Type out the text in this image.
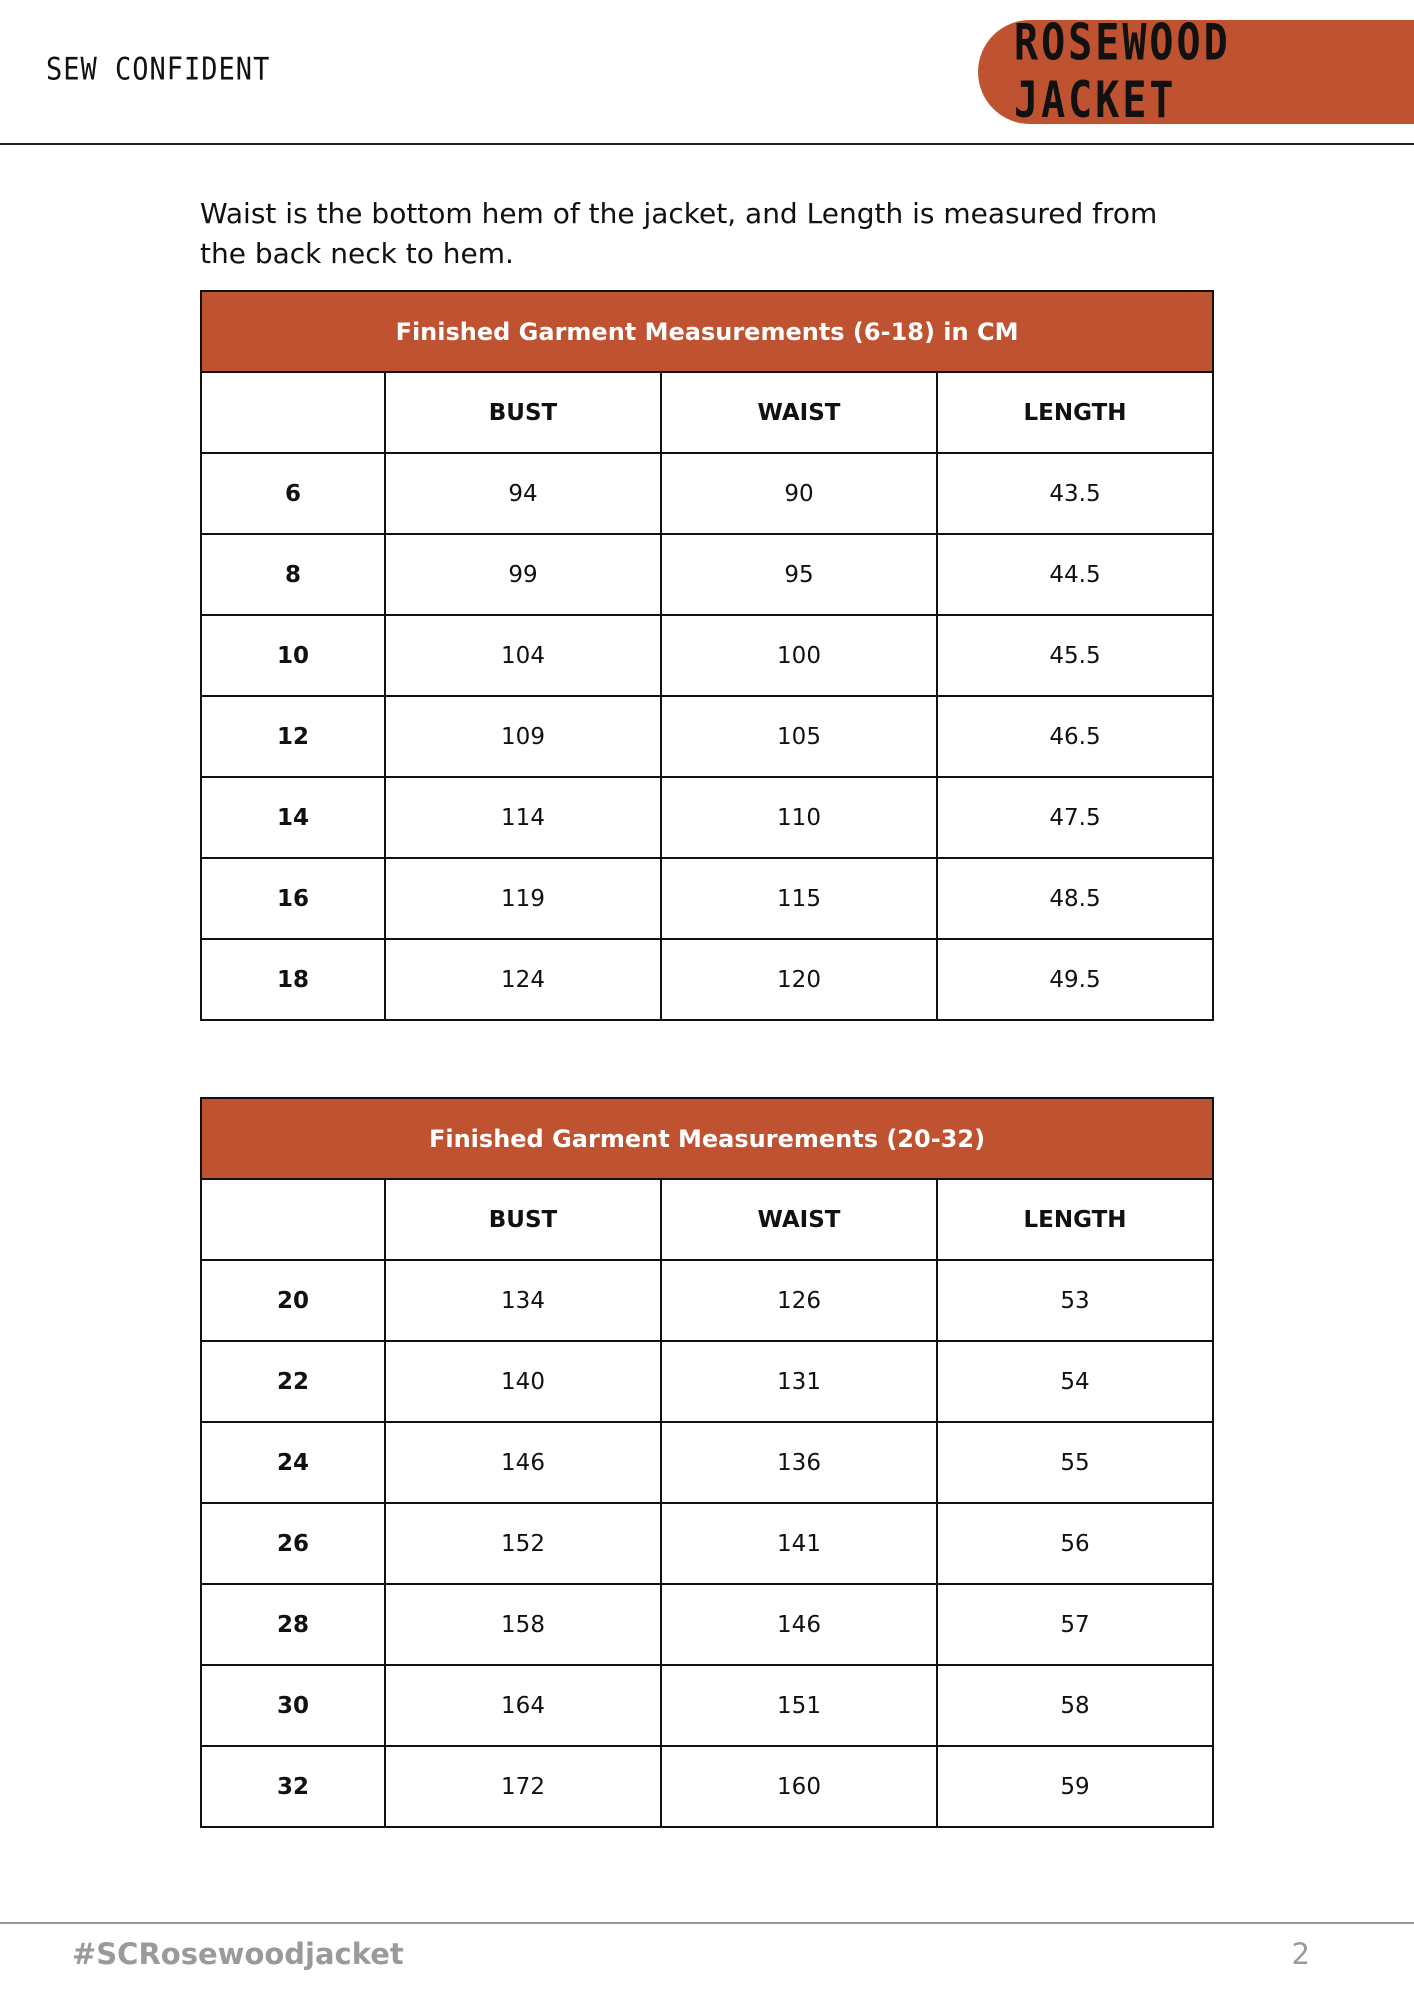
SEW CONFIDENT	ROSEWOOD JACKET

Waist is the bottom hem of the jacket, and Length is measured from the back neck to hem.

Finished Garment Measurements (6-18) in CM			
	BUST	WAIST	LENGTH
6	94	90	43.5
8	99	95	44.5
10	104	100	45.5
12	109	105	46.5
14	114	110	47.5
16	119	115	48.5
18	124	120	49.5
Finished Garment Measurements (20-32)			
	BUST	WAIST	LENGTH
20	134	126	53
22	140	131	54
24	146	136	55
26	152	141	56
28	158	146	57
30	164	151	58
32	172	160	59
#SCRosewoodjacket	2
